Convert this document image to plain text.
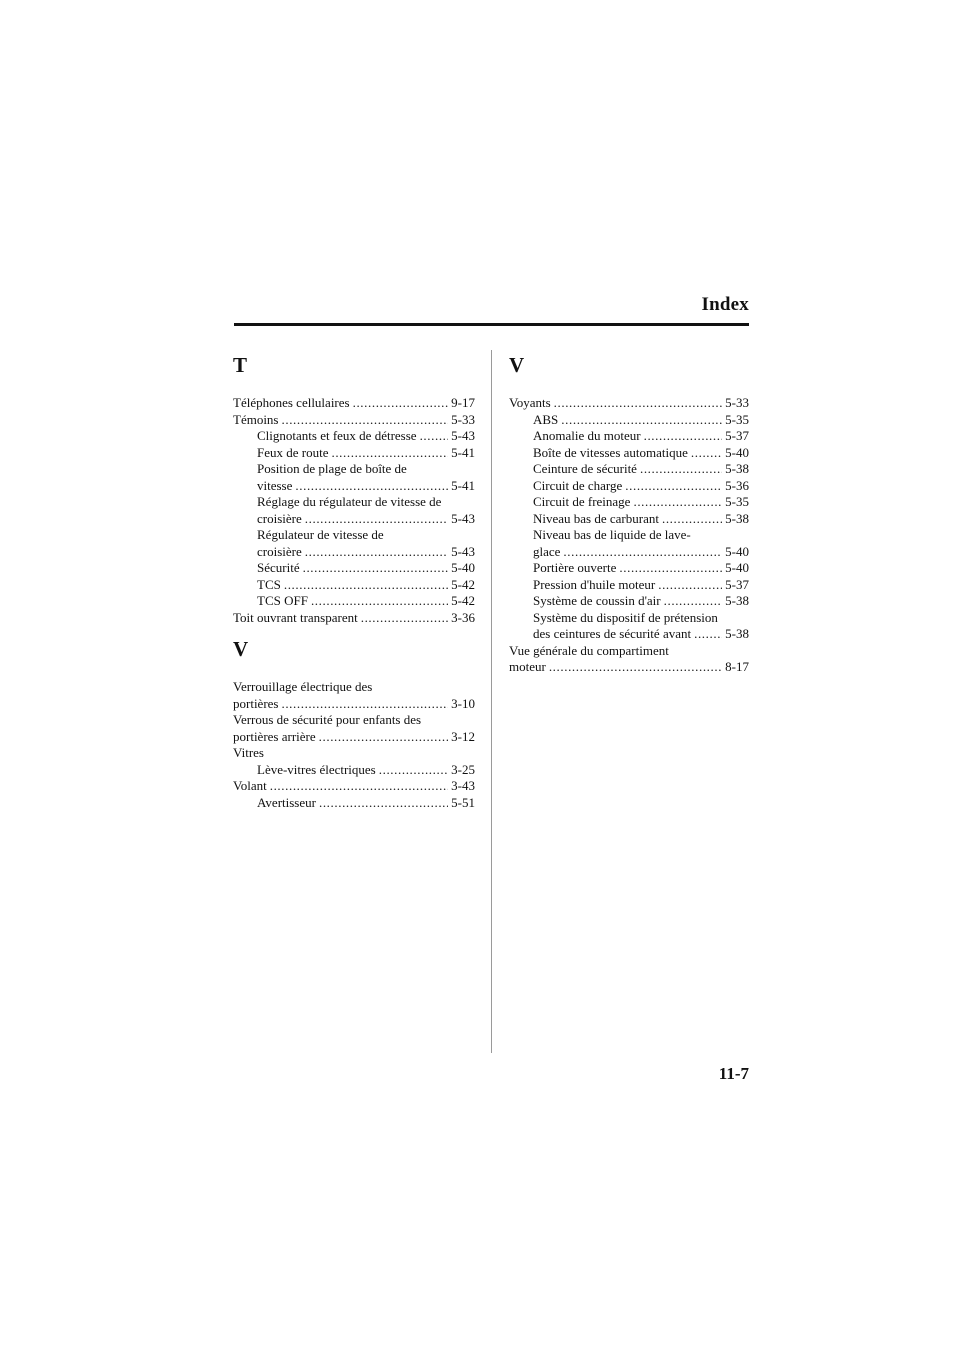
Index
T
Téléphones cellulaires .....	9-17
Témoins .....	5-33
Clignotants et feux de détresse .....	5-43
Feux de route .....	5-41
Position de plage de boîte de
vitesse .....	5-41
Réglage du régulateur de vitesse de
croisière .....	5-43
Régulateur de vitesse de
croisière .....	5-43
Sécurité .....	5-40
TCS .....	5-42
TCS OFF .....	5-42
Toit ouvrant transparent .....	3-36
V
Verrouillage électrique des
portières .....	3-10
Verrous de sécurité pour enfants des
portières arrière .....	3-12
Vitres
Lève-vitres électriques .....	3-25
Volant .....	3-43
Avertisseur .....	5-51
V
Voyants .....	5-33
ABS .....	5-35
Anomalie du moteur .....	5-37
Boîte de vitesses automatique .....	5-40
Ceinture de sécurité .....	5-38
Circuit de charge .....	5-36
Circuit de freinage .....	5-35
Niveau bas de carburant .....	5-38
Niveau bas de liquide de lave-
glace .....	5-40
Portière ouverte .....	5-40
Pression d'huile moteur .....	5-37
Système de coussin d'air .....	5-38
Système du dispositif de prétension
des ceintures de sécurité avant .....	5-38
Vue générale du compartiment
moteur .....	8-17
11-7
